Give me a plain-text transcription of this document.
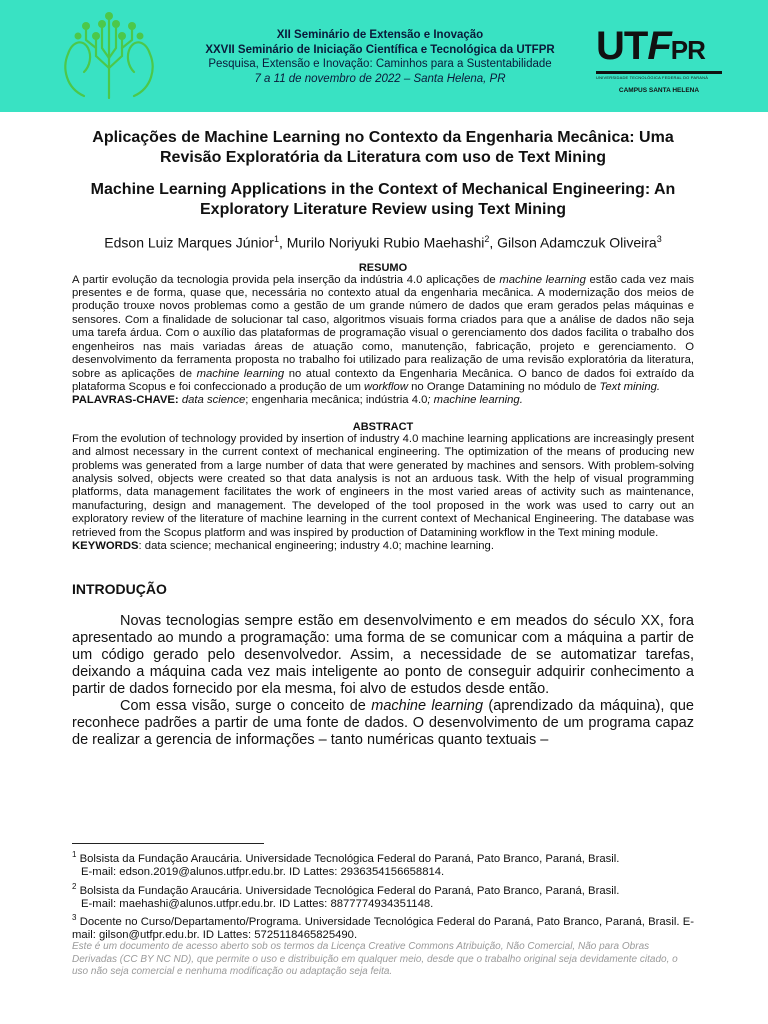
XII Seminário de Extensão e Inovação
XXVII Seminário de Iniciação Científica e Tecnológica da UTFPR
Pesquisa, Extensão e Inovação: Caminhos para a Sustentabilidade
7 a 11 de novembro de 2022 – Santa Helena, PR
UTFPR
UNIVERSIDADE TECNOLÓGICA FEDERAL DO PARANÁ
CAMPUS SANTA HELENA
Aplicações de Machine Learning no Contexto da Engenharia Mecânica: Uma Revisão Exploratória da Literatura com uso de Text Mining
Machine Learning Applications in the Context of Mechanical Engineering: An Exploratory Literature Review using Text Mining
Edson Luiz Marques Júnior$^1$, Murilo Noriyuki Rubio Maehashi$^2$, Gilson Adamczuk Oliveira$^3$
RESUMO

A partir evolução da tecnologia provida pela inserção da indústria 4.0 aplicações de machine learning estão cada vez mais presentes e de forma, quase que, necessária no contexto atual da engenharia mecânica. A modernização dos meios de produção trouxe novos problemas como a gestão de um grande número de dados que eram gerados pelas máquinas e sensores. Com a finalidade de solucionar tal caso, algoritmos visuais forma criados para que a análise de dados não seja uma tarefa árdua. Com o auxílio das plataformas de programação visual o gerenciamento dos dados facilita o trabalho dos engenheiros nas mais variadas áreas de atuação como, manutenção, fabricação, projeto e gerenciamento. O desenvolvimento da ferramenta proposta no trabalho foi utilizado para realização de uma revisão exploratória da literatura, sobre as aplicações de machine learning no atual contexto da Engenharia Mecânica. O banco de dados foi extraído da plataforma Scopus e foi confeccionado a produção de um workflow no Orange Datamining no módulo de Text mining.

PALAVRAS-CHAVE: data science; engenharia mecânica; indústria 4.0; machine learning.

ABSTRACT

From the evolution of technology provided by insertion of industry 4.0 machine learning applications are increasingly present and almost necessary in the current context of mechanical engineering. The optimization of the means of producing new problems was generated from a large number of data that were generated by machines and sensors. With problem-solving analysis solved, objects were created so that data analysis is not an arduous task. With the help of visual programming platforms, data management facilitates the work of engineers in the most varied areas of activity such as maintenance, manufacturing, design and management. The developed of the tool proposed in the work was used to carry out an exploratory review of the literature of machine learning in the current context of Mechanical Engineering. The database was retrieved from the Scopus platform and was inspired by production of Datamining workflow in the Text mining module.

KEYWORDS: data science; mechanical engineering; industry 4.0; machine learning.

INTRODUÇÃO

Novas tecnologias sempre estão em desenvolvimento e em meados do século XX, fora apresentado ao mundo a programação: uma forma de se comunicar com a máquina a partir de um código gerado pelo desenvolvedor. Assim, a necessidade de se automatizar tarefas, deixando a máquina cada vez mais inteligente ao ponto de conseguir adquirir conhecimento a partir de dados fornecido por ela mesma, foi alvo de estudos desde então.

Com essa visão, surge o conceito de machine learning (aprendizado da máquina), que reconhece padrões a partir de uma fonte de dados. O desenvolvimento de um programa capaz de realizar a gerencia de informações – tanto numéricas quanto textuais –

$^1$ Bolsista da Fundação Araucária. Universidade Tecnológica Federal do Paraná, Pato Branco, Paraná, Brasil.
E-mail: edson.2019@alunos.utfpr.edu.br. ID Lattes: 2936354156658814.
$^2$ Bolsista da Fundação Araucária. Universidade Tecnológica Federal do Paraná, Pato Branco, Paraná, Brasil.
E-mail: maehashi@alunos.utfpr.edu.br. ID Lattes: 8877774934351148.
$^3$ Docente no Curso/Departamento/Programa. Universidade Tecnológica Federal do Paraná, Pato Branco, Paraná, Brasil. E-mail: gilson@utfpr.edu.br. ID Lattes: 5725118465825490.
Este é um documento de acesso aberto sob os termos da Licença Creative Commons Atribuição, Não Comercial, Não para Obras Derivadas (CC BY NC ND), que permite o uso e distribuição em qualquer meio, desde que o trabalho original seja devidamente citado, o uso não seja comercial e nenhuma modificação ou adaptação seja feita.
